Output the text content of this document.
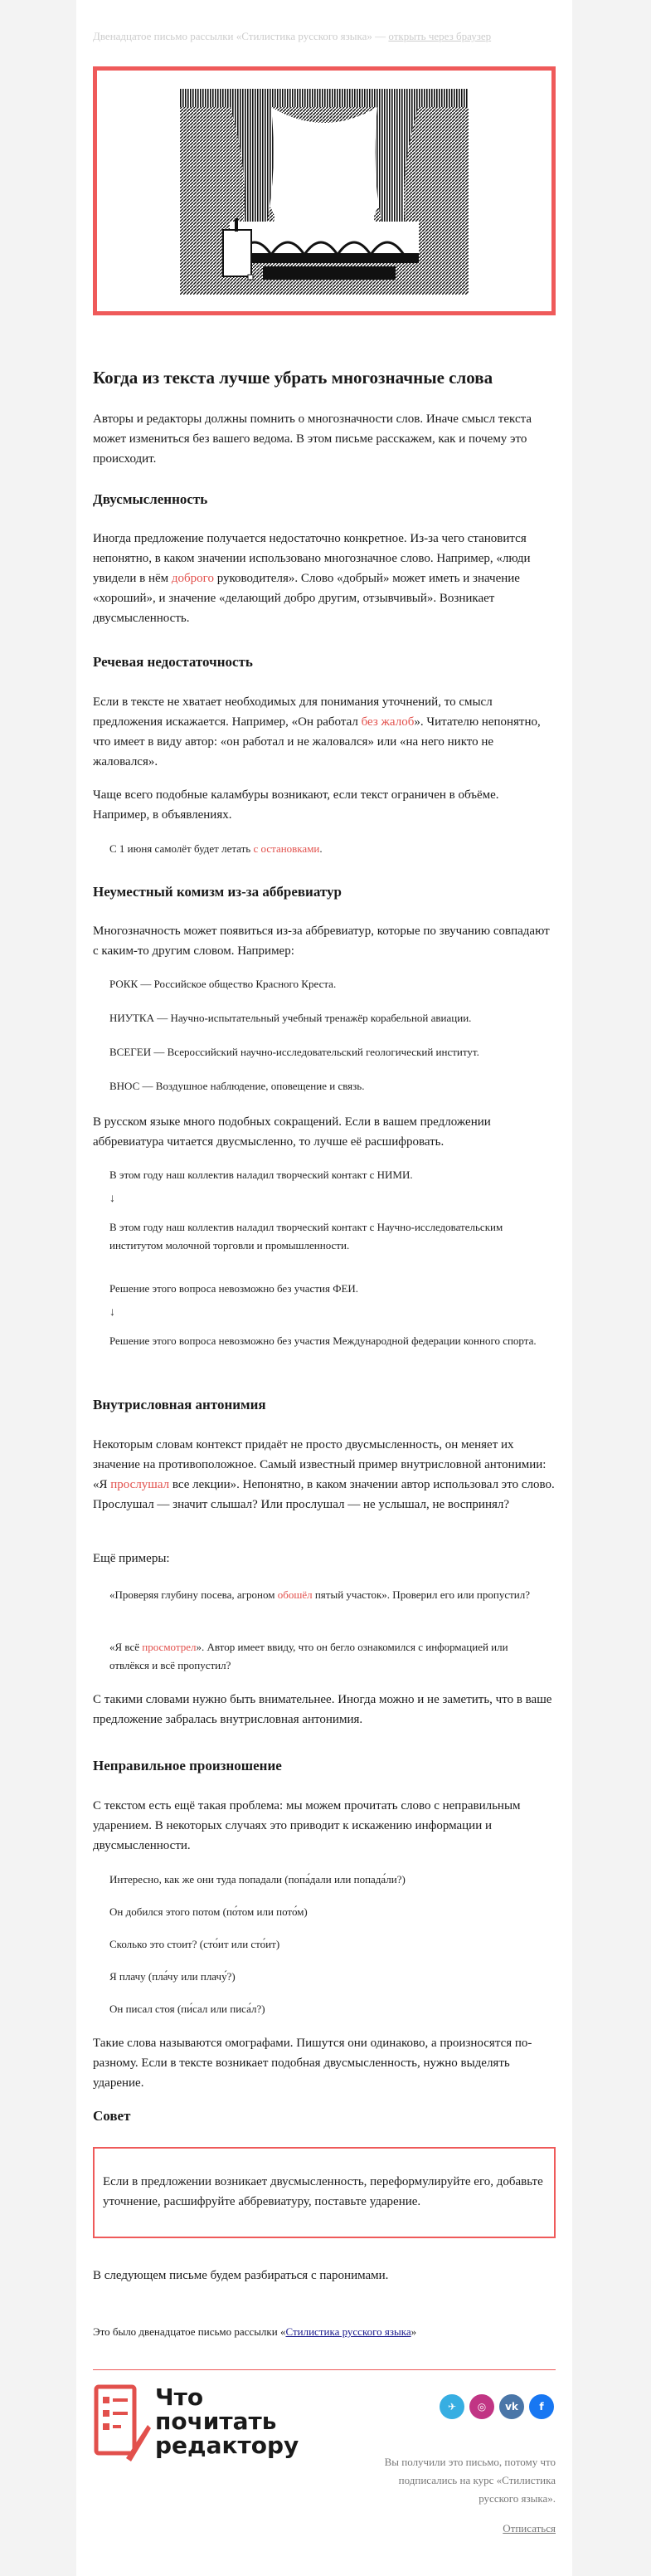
Двенадцатое письмо рассылки «Стилистика русского языка» — открыть через браузер
Когда из текста лучше убрать многозначные слова

Авторы и редакторы должны помнить о многозначности слов. Иначе смысл текста может измениться без вашего ведома. В этом письме расскажем, как и почему это происходит.

Двусмысленность

Иногда предложение получается недостаточно конкретное. Из-за чего становится непонятно, в каком значении использовано многозначное слово. Например, «люди увидели в нём доброго руководителя». Слово «добрый» может иметь и значение «хороший», и значение «делающий добро другим, отзывчивый». Возникает двусмысленность.

Речевая недостаточность

Если в тексте не хватает необходимых для понимания уточнений, то смысл предложения искажается. Например, «Он работал без жалоб». Читателю непонятно, что имеет в виду автор: «он работал и не жаловался» или «на него никто не жаловался».

Чаще всего подобные каламбуры возникают, если текст ограничен в объёме. Например, в объявлениях.

С 1 июня самолёт будет летать с остановками.
Неуместный комизм из-за аббревиатур

Многозначность может появиться из-за аббревиатур, которые по звучанию совпадают с каким-то другим словом. Например:

РОКК — Российское общество Красного Креста.
НИУТКА — Научно-испытательный учебный тренажёр корабельной авиации.
ВСЕГЕИ — Всероссийский научно-исследовательский геологический институт.
ВНОС — Воздушное наблюдение, оповещение и связь.

В русском языке много подобных сокращений. Если в вашем предложении аббревиатура читается двусмысленно, то лучше её расшифровать.

В этом году наш коллектив наладил творческий контакт с НИМИ.
↓
В этом году наш коллектив наладил творческий контакт с Научно-исследовательским институтом молочной торговли и промышленности.
Решение этого вопроса невозможно без участия ФЕИ.
↓
Решение этого вопроса невозможно без участия Международной федерации конного спорта.
Внутрисловная антонимия

Некоторым словам контекст придаёт не просто двусмысленность, он меняет их значение на противоположное. Самый известный пример внутрисловной антонимии: «Я прослушал все лекции». Непонятно, в каком значении автор использовал это слово. Прослушал — значит слышал? Или прослушал — не услышал, не воспринял?

Ещё примеры:

«Проверяя глубину посева, агроном обошёл пятый участок». Проверил его или пропустил?
«Я всё просмотрел». Автор имеет ввиду, что он бегло ознакомился с информацией или отвлёкся и всё пропустил?

С такими словами нужно быть внимательнее. Иногда можно и не заметить, что в ваше предложение забралась внутрисловная антонимия.

Неправильное произношение

С текстом есть ещё такая проблема: мы можем прочитать слово с неправильным ударением. В некоторых случаях это приводит к искажению информации и двусмысленности.

Интересно, как же они туда попадали (попа́дали или попада́ли?)
Он добился этого потом (по́том или пото́м)
Сколько это стоит? (сто́ит или сто́ит)
Я плачу (пла́чу или плачу́?)
Он писал стоя (пи́сал или писа́л?)

Такие слова называются омографами. Пишутся они одинаково, а произносятся по-разному. Если в тексте возникает подобная двусмысленность, нужно выделять ударение.

Совет

Если в предложении возникает двусмысленность, переформулируйте его, добавьте уточнение, расшифруйте аббревиатуру, поставьте ударение.

В следующем письме будем разбираться с паронимами.

Это было двенадцатое письмо рассылки «Стилистика русского языка»
Что
почитать
редактору
✈	◎	vk	f
Вы получили это письмо, потому что подписались на курс «Стилистика русского языка».
Отписаться
